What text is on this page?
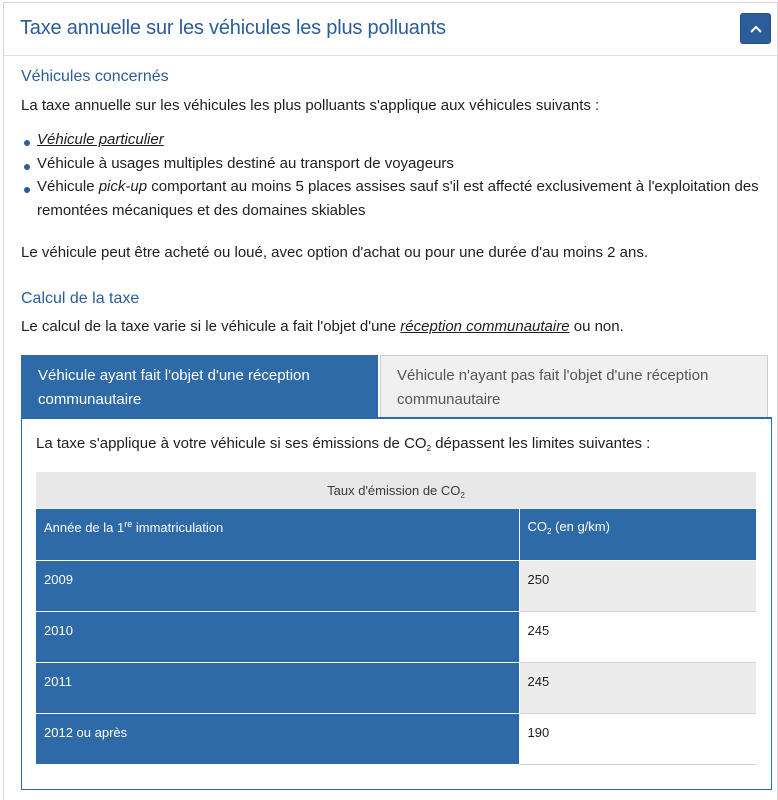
Taxe annuelle sur les véhicules les plus polluants
Véhicules concernés
La taxe annuelle sur les véhicules les plus polluants s'applique aux véhicules suivants :
Véhicule particulier
Véhicule à usages multiples destiné au transport de voyageurs
Véhicule pick-up comportant au moins 5 places assises sauf s'il est affecté exclusivement à l'exploitation des remontées mécaniques et des domaines skiables
Le véhicule peut être acheté ou loué, avec option d'achat ou pour une durée d'au moins 2 ans.
Calcul de la taxe
Le calcul de la taxe varie si le véhicule a fait l'objet d'une réception communautaire ou non.
Véhicule ayant fait l'objet d'une réception communautaire
Véhicule n'ayant pas fait l'objet d'une réception communautaire
La taxe s'applique à votre véhicule si ses émissions de $CO_2$ dépassent les limites suivantes :
Taux d'émission de $CO_2$
Année de la 1re immatriculation	$CO_2$ (en g/km)
2009	250
2010	245
2011	245
2012 ou après	190
